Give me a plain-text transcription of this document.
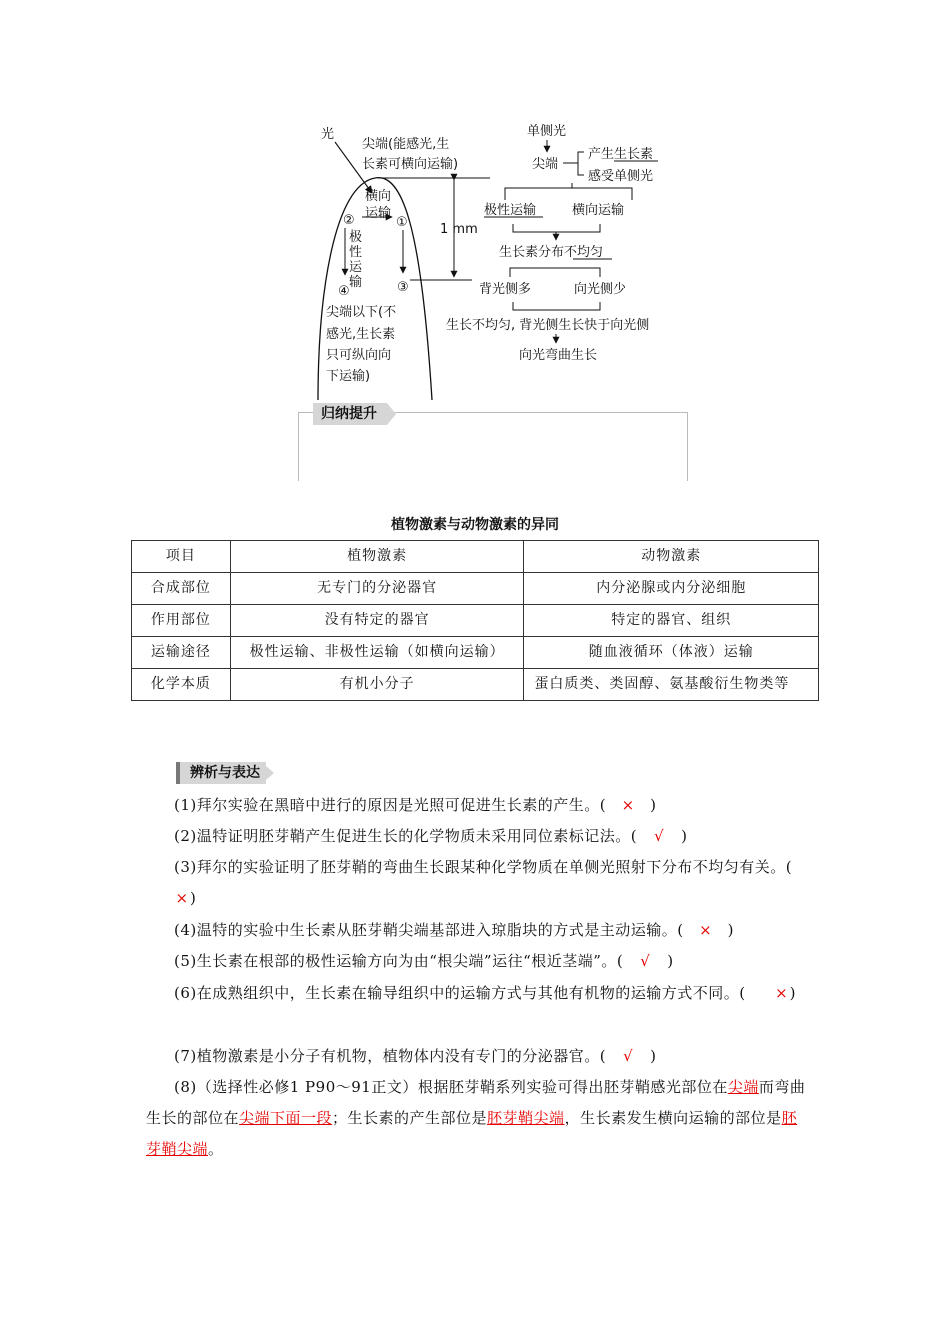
光
尖端(能感光,生
长素可横向运输)
1 mm
横向
运输
②	①
极
性
运
输
④	③
尖端以下(不
感光,生长素
只可纵向向
下运输)
单侧光
尖端
产生生长素
感受单侧光
极性运输	横向运输
生长素分布不均匀
背光侧多	向光侧少
生长不均匀, 背光侧生长快于向光侧
向光弯曲生长
归纳提升
植物激素与动物激素的异同
项目	植物激素	动物激素
合成部位	无专门的分泌器官	内分泌腺或内分泌细胞
作用部位	没有特定的器官	特定的器官、组织
运输途径	极性运输、非极性运输（如横向运输）	随血液循环（体液）运输
化学本质	有机小分子	蛋白质类、类固醇、氨基酸衍生物类等
辨析与表达
(1)拜尔实验在黑暗中进行的原因是光照可促进生长素的产生。( × )
(2)温特证明胚芽鞘产生促进生长的化学物质未采用同位素标记法。( √ )
(3)拜尔的实验证明了胚芽鞘的弯曲生长跟某种化学物质在单侧光照射下分布不均匀有关。(×)
(4)温特的实验中生长素从胚芽鞘尖端基部进入琼脂块的方式是主动运输。( × )
(5)生长素在根部的极性运输方向为由“根尖端”运往“根近茎端”。( √ )
(6)在成熟组织中，生长素在输导组织中的运输方式与其他有机物的运输方式不同。( ×)
(7)植物激素是小分子有机物，植物体内没有专门的分泌器官。( √ )
(8)（选择性必修1 P90～91正文）根据胚芽鞘系列实验可得出胚芽鞘感光部位在尖端而弯曲生长的部位在尖端下面一段；生长素的产生部位是胚芽鞘尖端，生长素发生横向运输的部位是胚芽鞘尖端。
